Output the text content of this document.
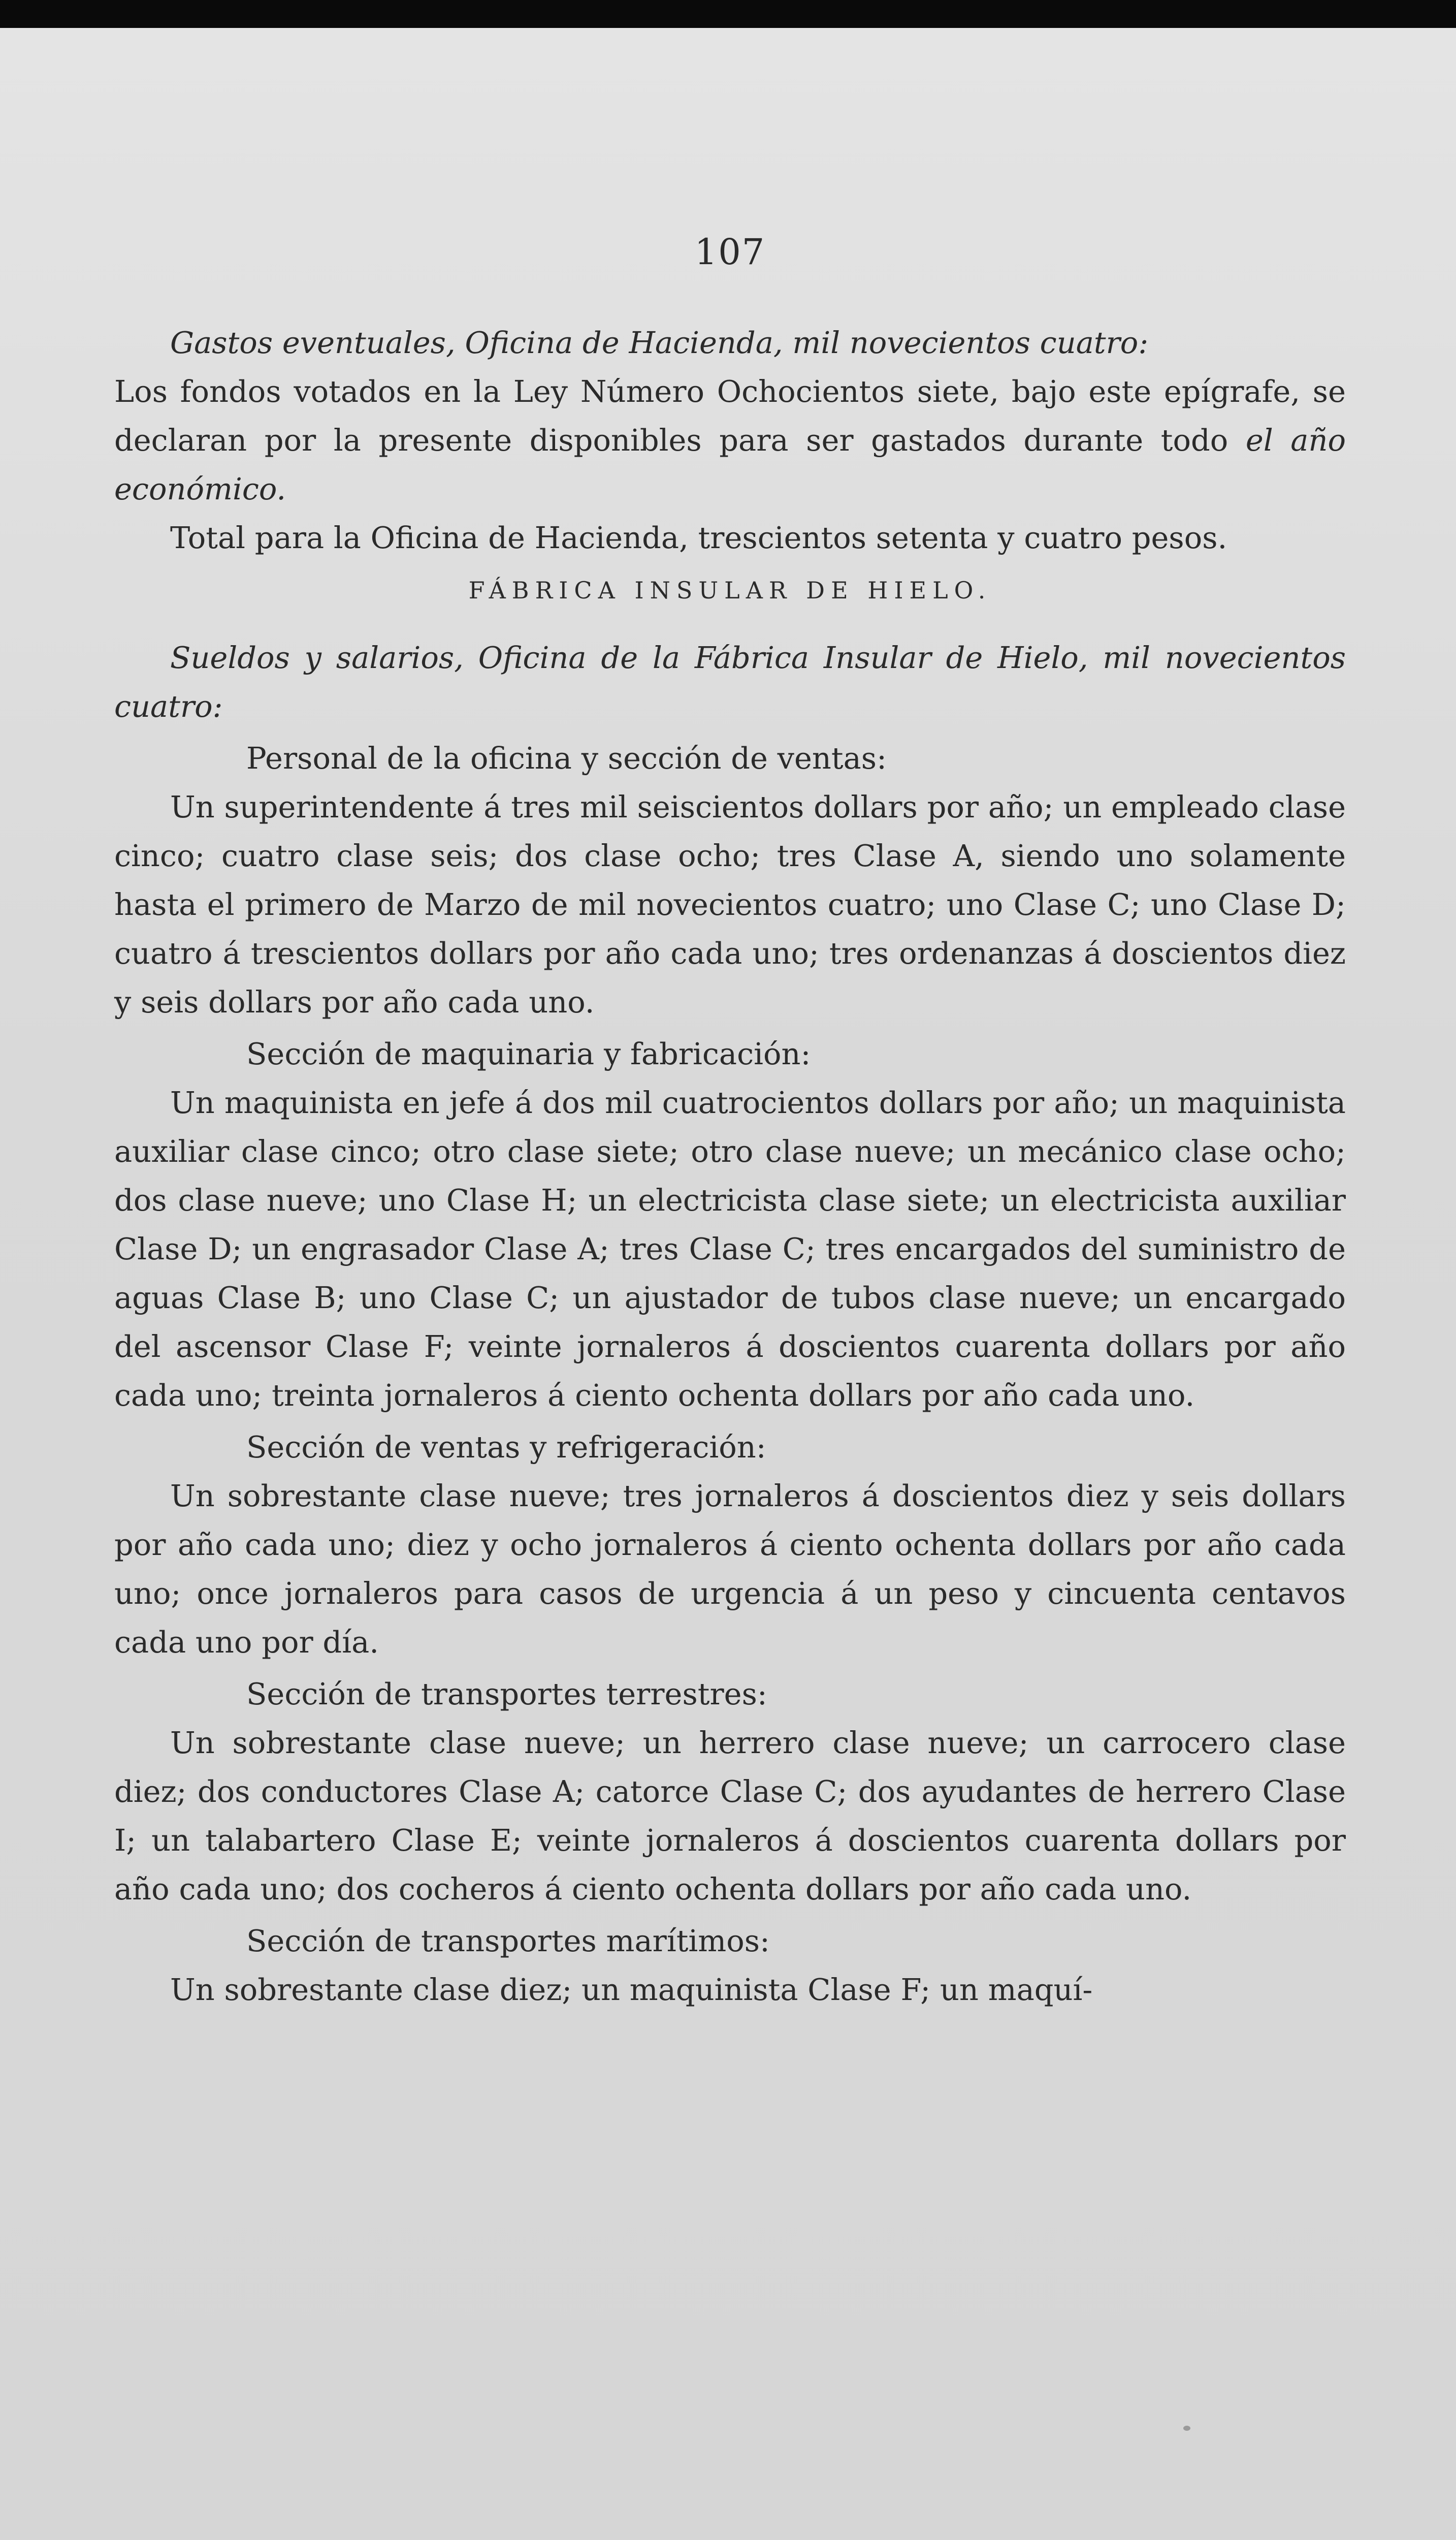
107

Gastos eventuales, Oficina de Hacienda, mil novecientos cuatro:

Los fondos votados en la Ley Número Ochocientos siete, bajo este epígrafe, se declaran por la presente disponibles para ser gastados durante todo el año económico.

Total para la Oficina de Hacienda, trescientos setenta y cuatro pesos.

FÁBRICA INSULAR DE HIELO.

Sueldos y salarios, Oficina de la Fábrica Insular de Hielo, mil novecientos cuatro:

Personal de la oficina y sección de ventas:

Un superintendente á tres mil seiscientos dollars por año; un empleado clase cinco; cuatro clase seis; dos clase ocho; tres Clase A, siendo uno solamente hasta el primero de Marzo de mil novecientos cuatro; uno Clase C; uno Clase D; cuatro á trescientos dollars por año cada uno; tres ordenanzas á doscientos diez y seis dollars por año cada uno.

Sección de maquinaria y fabricación:

Un maquinista en jefe á dos mil cuatrocientos dollars por año; un maquinista auxiliar clase cinco; otro clase siete; otro clase nueve; un mecánico clase ocho; dos clase nueve; uno Clase H; un electricista clase siete; un electricista auxiliar Clase D; un engrasador Clase A; tres Clase C; tres encargados del suministro de aguas Clase B; uno Clase C; un ajustador de tubos clase nueve; un encargado del ascensor Clase F; veinte jornaleros á doscientos cuarenta dollars por año cada uno; treinta jornaleros á ciento ochenta dollars por año cada uno.

Sección de ventas y refrigeración:

Un sobrestante clase nueve; tres jornaleros á doscientos diez y seis dollars por año cada uno; diez y ocho jornaleros á ciento ochenta dollars por año cada uno; once jornaleros para casos de urgencia á un peso y cincuenta centavos cada uno por día.

Sección de transportes terrestres:

Un sobrestante clase nueve; un herrero clase nueve; un carrocero clase diez; dos conductores Clase A; catorce Clase C; dos ayudantes de herrero Clase I; un talabartero Clase E; veinte jornaleros á doscientos cuarenta dollars por año cada uno; dos cocheros á ciento ochenta dollars por año cada uno.

Sección de transportes marítimos:

Un sobrestante clase diez; un maquinista Clase F; un maquí-
